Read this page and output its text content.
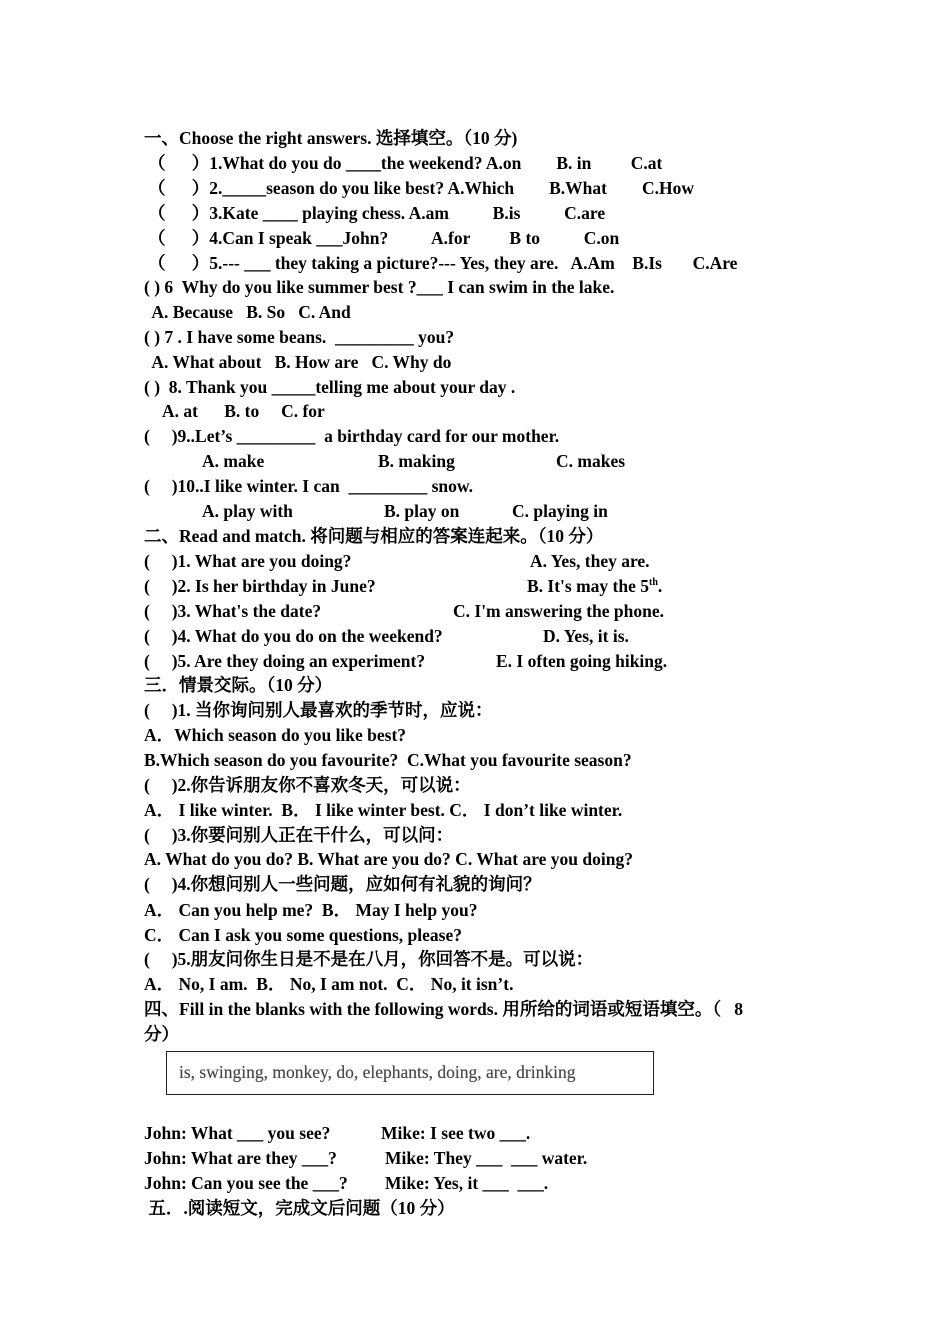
一、Choose the right answers. 选择填空。（10 分)
（      ）1.What do you do ____the weekend? A.on        B. in         C.at
（      ）2._____season do you like best? A.Which        B.What        C.How
（      ）3.Kate ____ playing chess. A.am          B.is          C.are
（      ）4.Can I speak ___John?          A.for         B to          C.on
（      ）5.--- ___ they taking a picture?--- Yes, they are.   A.Am    B.Is       C.Are
( ) 6  Why do you like summer best ?___ I can swim in the lake.
A. Because   B. So   C. And
( ) 7 . I have some beans.  _________ you?
A. What about   B. How are   C. Why do
( )  8. Thank you _____telling me about your day .
A. at      B. to     C. for
(     )9..Let’s _________  a birthday card for our mother.
A. make	B. making	C. makes
(     )10..I like winter. I can  _________ snow.
A. play with	B. play on	C. playing in
二、Read and match. 将问题与相应的答案连起来。（10 分）
(     )1. What are you doing?	A. Yes, they are.
(     )2. Is her birthday in June?	B. It's may the 5th.
(     )3. What's the date?	C. I'm answering the phone.
(     )4. What do you do on the weekend?	D. Yes, it is.
(     )5. Are they doing an experiment?	E. I often going hiking.
三．情景交际。（10 分）
(     )1. 当你询问别人最喜欢的季节时，应说：
A．Which season do you like best?
B.Which season do you favourite?  C.What you favourite season?
(     )2.你告诉朋友你不喜欢冬天，可以说：
A． I like winter.  B． I like winter best. C． I don’t like winter.
(     )3.你要问别人正在干什么，可以问：
A. What do you do? B. What are you do? C. What are you doing?
(     )4.你想问别人一些问题，应如何有礼貌的询问？
A． Can you help me?  B． May I help you?
C． Can I ask you some questions, please?
(     )5.朋友问你生日是不是在八月，你回答不是。可以说：
A． No, I am.  B． No, I am not.  C． No, it isn’t.
四、Fill in the blanks with the following words. 用所给的词语或短语填空。（   8
分）
is, swinging, monkey, do, elephants, doing, are, drinking
John: What ___ you see?	Mike: I see two ___.
John: What are they ___?	Mike: They ___  ___ water.
John: Can you see the ___? Mike: Yes, it ___  ___.
五．.阅读短文，完成文后问题（10 分）
